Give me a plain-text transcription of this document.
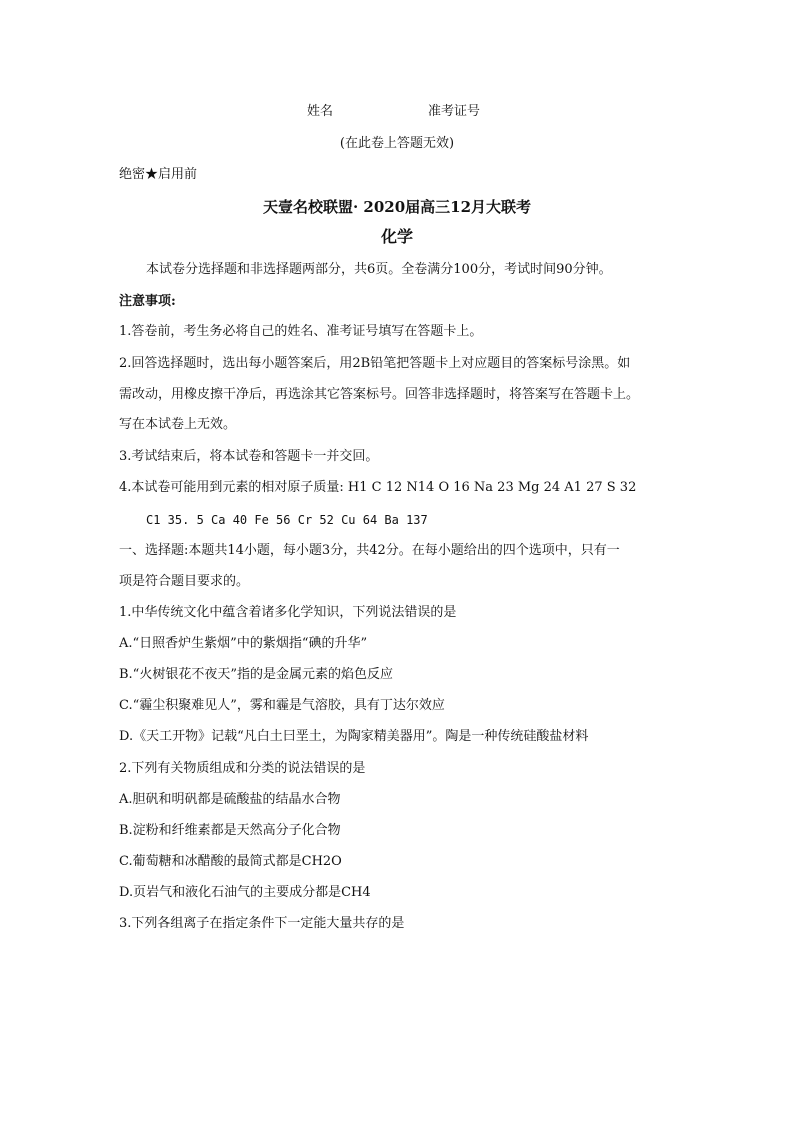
姓名	准考证号
(在此卷上答题无效)
绝密★启用前
天壹名校联盟· 2020届高三12月大联考
化学
本试卷分选择题和非选择题两部分，共6页。全卷满分100分，考试时间90分钟。
注意事项:
1.答卷前，考生务必将自己的姓名、准考证号填写在答题卡上。
2.回答选择题时，选出每小题答案后，用2B铅笔把答题卡上对应题目的答案标号涂黑。如
需改动，用橡皮擦干净后，再选涂其它答案标号。回答非选择题时，将答案写在答题卡上。
写在本试卷上无效。
3.考试结束后，将本试卷和答题卡一并交回。
4.本试卷可能用到元素的相对原子质量: H1 C 12 N14 O 16 Na 23 Mg 24 A1 27 S 32
C1 35. 5 Ca 40 Fe 56 Cr 52 Cu 64 Ba 137
一、选择题:本题共14小题，每小题3分，共42分。在每小题给出的四个选项中，只有一
项是符合题目要求的。
1.中华传统文化中蕴含着诸多化学知识，下列说法错误的是
A.“日照香炉生紫烟”中的紫烟指“碘的升华”
B.“火树银花不夜天”指的是金属元素的焰色反应
C.“霾尘积聚难见人”，雾和霾是气溶胶，具有丁达尔效应
D.《天工开物》记载“凡白土曰垩土，为陶家精美器用”。陶是一种传统硅酸盐材料
2.下列有关物质组成和分类的说法错误的是
A.胆矾和明矾都是硫酸盐的结晶水合物
B.淀粉和纤维素都是天然高分子化合物
C.葡萄糖和冰醋酸的最简式都是CH2O
D.页岩气和液化石油气的主要成分都是CH4
3.下列各组离子在指定条件下一定能大量共存的是
